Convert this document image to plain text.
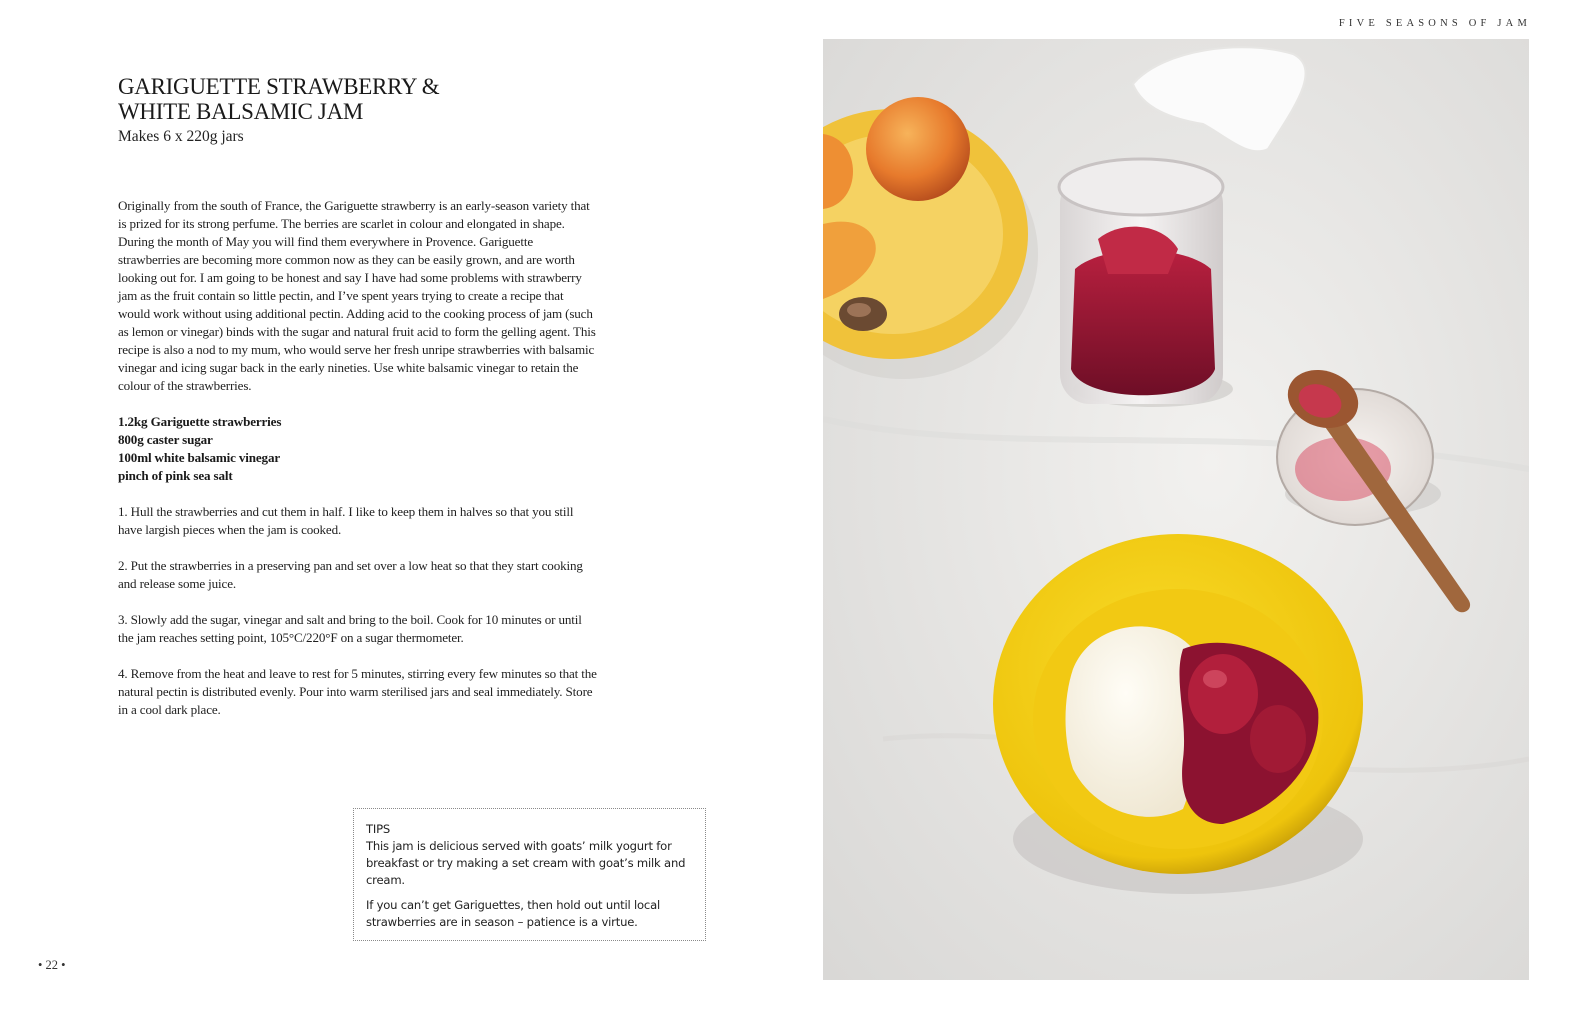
GARIGUETTE STRAWBERRY &
WHITE BALSAMIC JAM
Makes 6 x 220g jars

Originally from the south of France, the Gariguette strawberry is an early-season variety that is prized for its strong perfume. The berries are scarlet in colour and elongated in shape. During the month of May you will find them everywhere in Provence. Gariguette strawberries are becoming more common now as they can be easily grown, and are worth looking out for. I am going to be honest and say I have had some problems with strawberry jam as the fruit contain so little pectin, and I’ve spent years trying to create a recipe that would work without using additional pectin. Adding acid to the cooking process of jam (such as lemon or vinegar) binds with the sugar and natural fruit acid to form the gelling agent. This recipe is also a nod to my mum, who would serve her fresh unripe strawberries with balsamic vinegar and icing sugar back in the early nineties. Use white balsamic vinegar to retain the colour of the strawberries.

1.2kg Gariguette strawberries
800g caster sugar
100ml white balsamic vinegar
pinch of pink sea salt

1. Hull the strawberries and cut them in half. I like to keep them in halves so that you still have largish pieces when the jam is cooked.

2. Put the strawberries in a preserving pan and set over a low heat so that they start cooking and release some juice.

3. Slowly add the sugar, vinegar and salt and bring to the boil. Cook for 10 minutes or until the jam reaches setting point, 105°C/220°F on a sugar thermometer.

4. Remove from the heat and leave to rest for 5 minutes, stirring every few minutes so that the natural pectin is distributed evenly. Pour into warm sterilised jars and seal immediately. Store in a cool dark place.

TIPS

This jam is delicious served with goats’ milk yogurt for breakfast or try making a set cream with goat’s milk and cream.

If you can’t get Gariguettes, then hold out until local strawberries are in season – patience is a virtue.

• 22 •
FIVE SEASONS OF JAM
